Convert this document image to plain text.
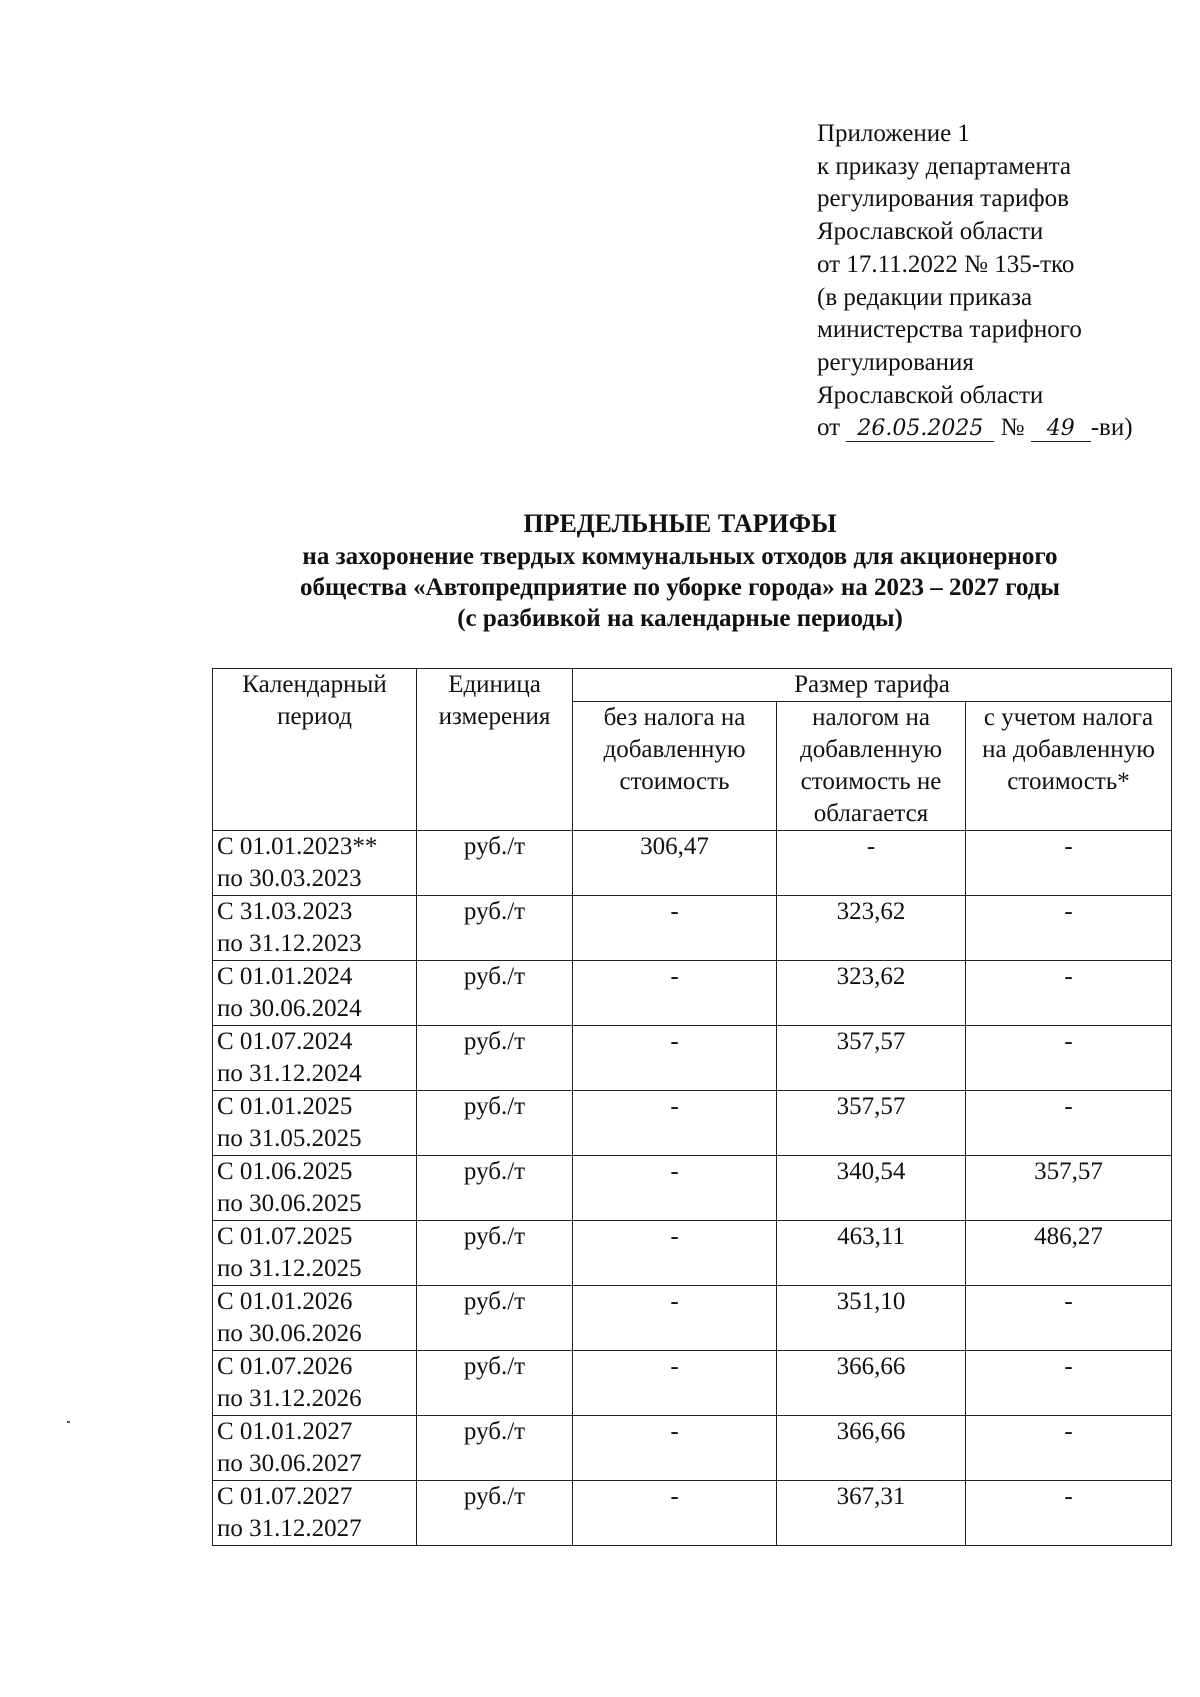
Приложение 1
к приказу департамента
регулирования тарифов
Ярославской области
от 17.11.2022 № 135-тко
(в редакции приказа
министерства тарифного
регулирования
Ярославской области
от 26.05.2025 № 49 -ви)
ПРЕДЕЛЬНЫЕ ТАРИФЫ
на захоронение твердых коммунальных отходов для акционерного
общества «Автопредприятие по уборке города» на 2023 – 2027 годы
(с разбивкой на календарные периоды)
Календарный период	Единица измерения	Размер тарифа		
		без налога на добавленную стоимость	налогом на добавленную стоимость не облагается	с учетом налога на добавленную стоимость*

С 01.01.2023**
по 30.03.2023	руб./т	306,47	-	-

С 31.03.2023
по 31.12.2023	руб./т	-	323,62	-

С 01.01.2024
по 30.06.2024	руб./т	-	323,62	-

С 01.07.2024
по 31.12.2024	руб./т	-	357,57	-

С 01.01.2025
по 31.05.2025	руб./т	-	357,57	-

С 01.06.2025
по 30.06.2025	руб./т	-	340,54	357,57

С 01.07.2025
по 31.12.2025	руб./т	-	463,11	486,27

С 01.01.2026
по 30.06.2026	руб./т	-	351,10	-

С 01.07.2026
по 31.12.2026	руб./т	-	366,66	-

С 01.01.2027
по 30.06.2027	руб./т	-	366,66	-

С 01.07.2027
по 31.12.2027	руб./т	-	367,31	-
